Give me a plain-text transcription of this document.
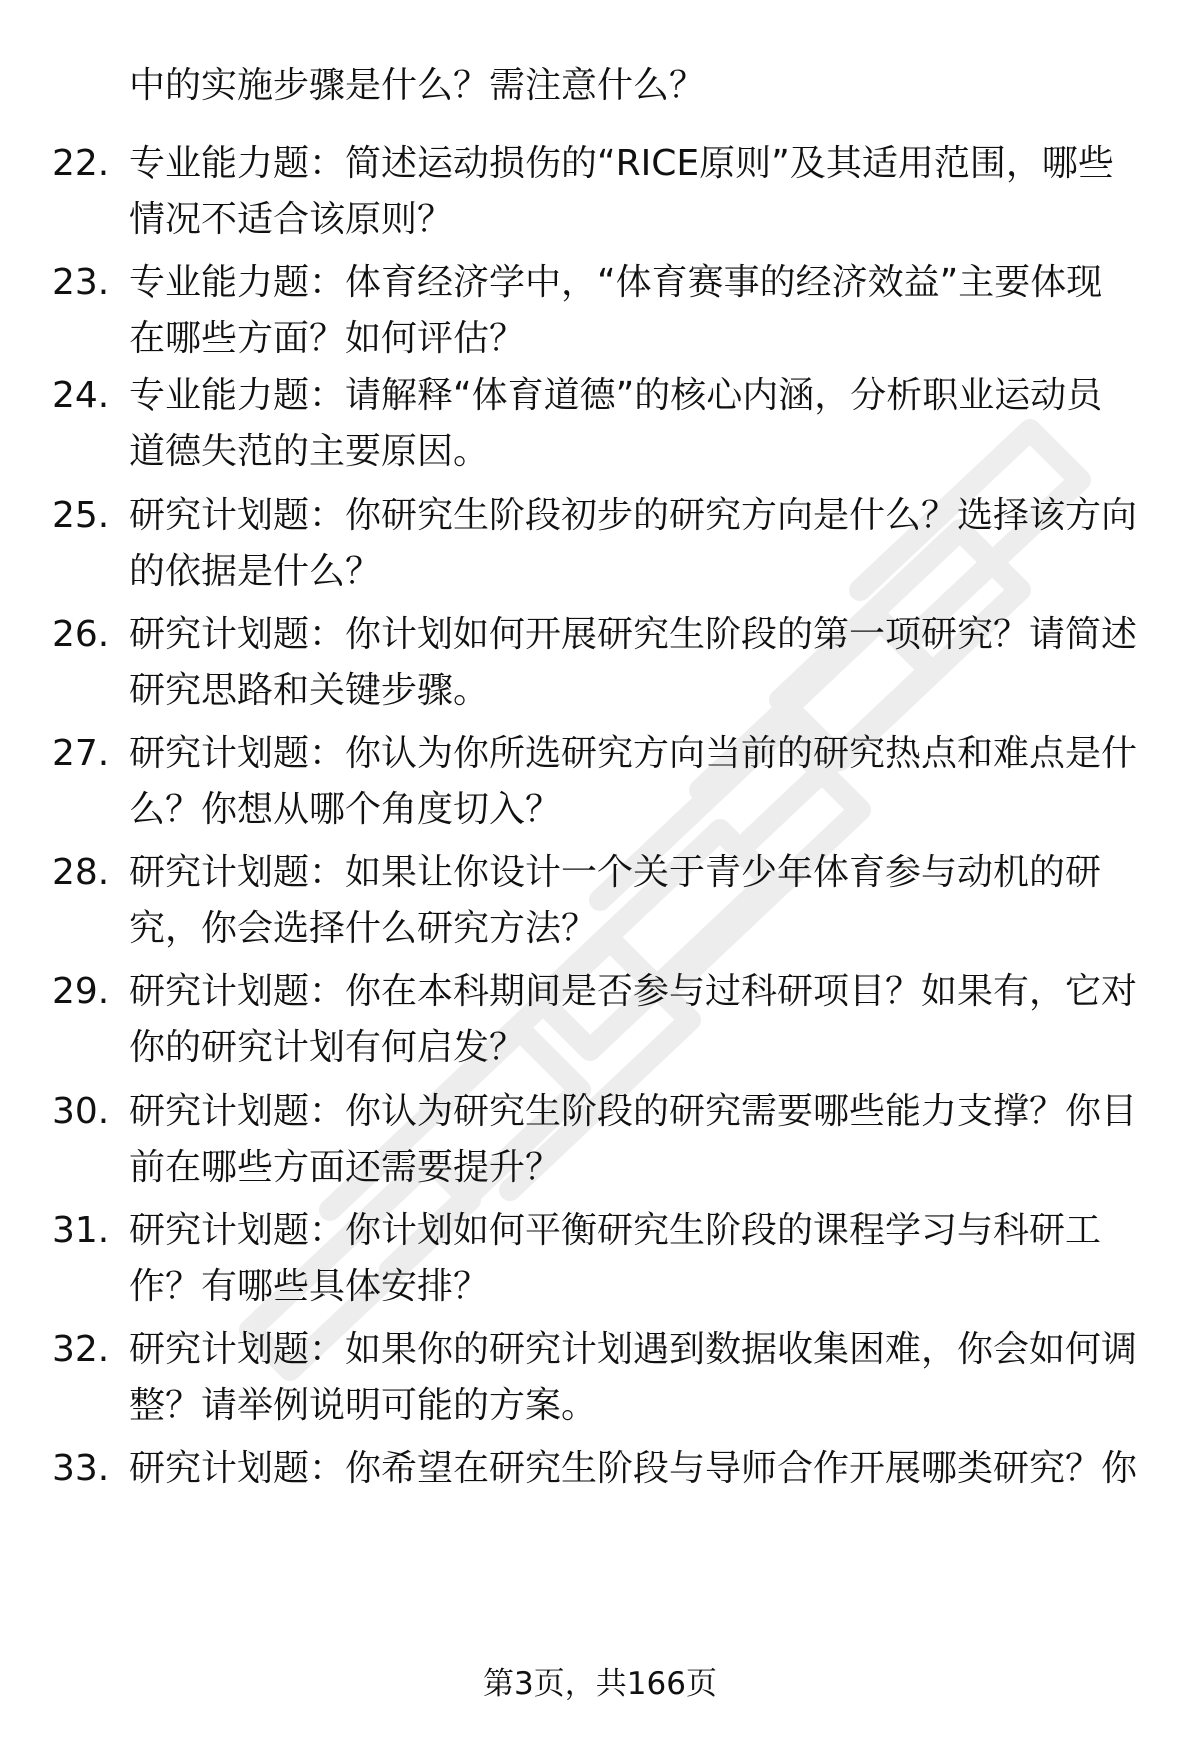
中的实施步骤是什么？需注意什么？

22. 专业能力题：简述运动损伤的“RICE原则”及其适用范围，哪些
情况不适合该原则？
23. 专业能力题：体育经济学中，“体育赛事的经济效益”主要体现
在哪些方面？如何评估？
24. 专业能力题：请解释“体育道德”的核心内涵，分析职业运动员
道德失范的主要原因。
25. 研究计划题：你研究生阶段初步的研究方向是什么？选择该方向
的依据是什么？
26. 研究计划题：你计划如何开展研究生阶段的第一项研究？请简述
研究思路和关键步骤。
27. 研究计划题：你认为你所选研究方向当前的研究热点和难点是什
么？你想从哪个角度切入？
28. 研究计划题：如果让你设计一个关于青少年体育参与动机的研
究，你会选择什么研究方法？
29. 研究计划题：你在本科期间是否参与过科研项目？如果有，它对
你的研究计划有何启发？
30. 研究计划题：你认为研究生阶段的研究需要哪些能力支撑？你目
前在哪些方面还需要提升？
31. 研究计划题：你计划如何平衡研究生阶段的课程学习与科研工
作？有哪些具体安排？
32. 研究计划题：如果你的研究计划遇到数据收集困难，你会如何调
整？请举例说明可能的方案。
33. 研究计划题：你希望在研究生阶段与导师合作开展哪类研究？你
第3页，共166页
